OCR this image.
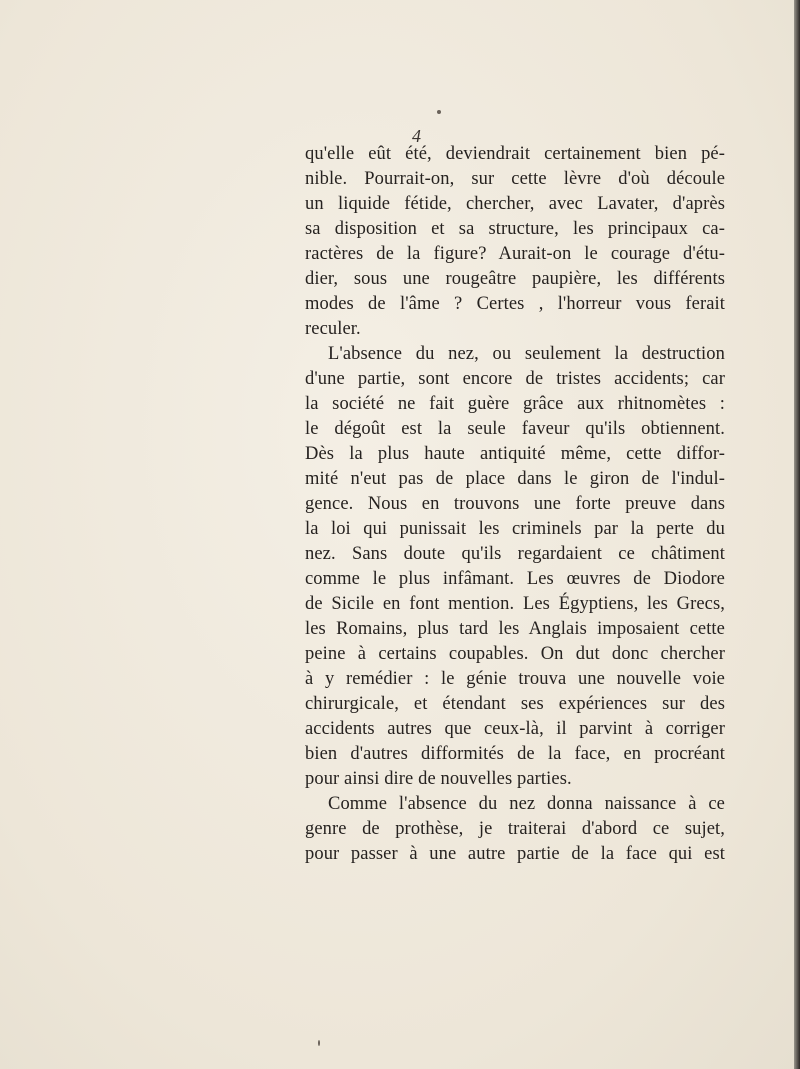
4
qu'elle eût été, deviendrait certainement bien pé-
nible. Pourrait-on, sur cette lèvre d'où découle
un liquide fétide, chercher, avec Lavater, d'après
sa disposition et sa structure, les principaux ca-
ractères de la figure? Aurait-on le courage d'étu-
dier, sous une rougeâtre paupière, les différents
modes de l'âme ? Certes , l'horreur vous ferait
reculer.
L'absence du nez, ou seulement la destruction
d'une partie, sont encore de tristes accidents; car
la société ne fait guère grâce aux rhitnomètes :
le dégoût est la seule faveur qu'ils obtiennent.
Dès la plus haute antiquité même, cette diffor-
mité n'eut pas de place dans le giron de l'indul-
gence. Nous en trouvons une forte preuve dans
la loi qui punissait les criminels par la perte du
nez. Sans doute qu'ils regardaient ce châtiment
comme le plus infâmant. Les œuvres de Diodore
de Sicile en font mention. Les Égyptiens, les Grecs,
les Romains, plus tard les Anglais imposaient cette
peine à certains coupables. On dut donc chercher
à y remédier : le génie trouva une nouvelle voie
chirurgicale, et étendant ses expériences sur des
accidents autres que ceux-là, il parvint à corriger
bien d'autres difformités de la face, en procréant
pour ainsi dire de nouvelles parties.
Comme l'absence du nez donna naissance à ce
genre de prothèse, je traiterai d'abord ce sujet,
pour passer à une autre partie de la face qui est
